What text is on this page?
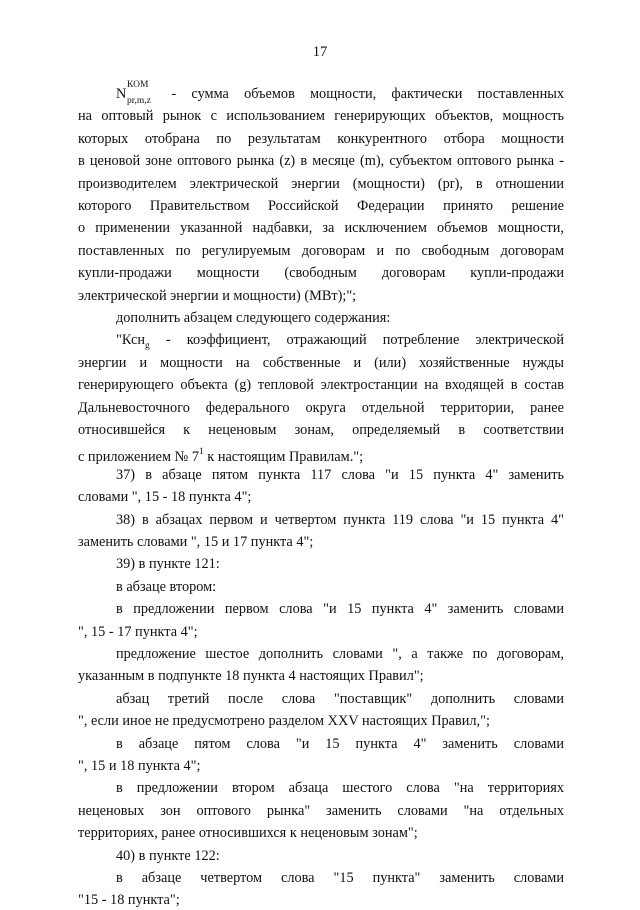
17
N
КОМ
pr,m,z - сумма объемов мощности, фактически поставленных
на оптовый рынок с использованием генерирующих объектов, мощность
которых отобрана по результатам конкурентного отбора мощности
в ценовой зоне оптового рынка (z) в месяце (m), субъектом оптового рынка -
производителем электрической энергии (мощности) (pr), в отношении
которого Правительством Российской Федерации принято решение
о применении указанной надбавки, за исключением объемов мощности,
поставленных по регулируемым договорам и по свободным договорам
купли-продажи мощности (свободным договорам купли-продажи
электрической энергии и мощности) (МВт);";
дополнить абзацем следующего содержания:
"Ксн$_g$ - коэффициент, отражающий потребление электрической
энергии и мощности на собственные и (или) хозяйственные нужды
генерирующего объекта (g) тепловой электростанции на входящей в состав
Дальневосточного федерального округа отдельной территории, ранее
относившейся к неценовым зонам, определяемый в соответствии
с приложением № $7^1$ к настоящим Правилам.";
37) в абзаце пятом пункта 117 слова "и 15 пункта 4" заменить
словами ", 15 - 18 пункта 4";
38) в абзацах первом и четвертом пункта 119 слова "и 15 пункта 4"
заменить словами ", 15 и 17 пункта 4";
39) в пункте 121:
в абзаце втором:
в предложении первом слова "и 15 пункта 4" заменить словами
", 15 - 17 пункта 4";
предложение шестое дополнить словами ", а также по договорам,
указанным в подпункте 18 пункта 4 настоящих Правил";
абзац третий после слова "поставщик" дополнить словами
", если иное не предусмотрено разделом XXV настоящих Правил,";
в абзаце пятом слова "и 15 пункта 4" заменить словами
", 15 и 18 пункта 4";
в предложении втором абзаца шестого слова "на территориях
неценовых зон оптового рынка" заменить словами "на отдельных
территориях, ранее относившихся к неценовым зонам";
40) в пункте 122:
в абзаце четвертом слова "15 пункта" заменить словами
"15 - 18 пункта";
